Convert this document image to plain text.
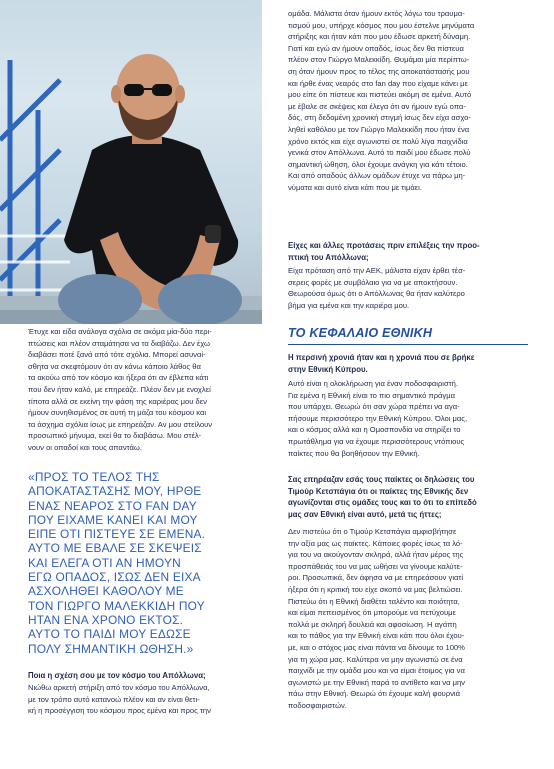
Έτυχε και είδα ανάλογα σχόλια σε ακόμα μία-δύο περι-

πτώσεις και πλέον σταμάτησα να τα διαβάζω. Δεν έχω

διαβάσει ποτέ ξανά από τότε σχόλια. Μπορεί ασυναί-

σθητα να σκεφτόμουν ότι αν κάνω κάποιο λάθος θα

τα ακούω από τον κόσμο και ήξερα ότι αν έβλεπα κάτι

που δεν ήταν καλό, με επηρεάζε. Πλέον δεν με ενοχλεί

τίποτα αλλά σε εκείνη την φάση της καριέρας μου δεν

ήμουν συνηθισμένος σε αυτή τη μάζα του κόσμου και

τα άσχημα σχόλια ίσως με επηρεάζαν. Αν μου στείλουν

προσωπικό μήνυμα, εκεί θα το διαβάσω. Μου στέλ-

νουν οι οπαδοί και τους απαντάω.

«ΠΡΟΣ ΤΟ ΤΕΛΟΣ ΤΗΣ

ΑΠΟΚΑΤΑΣΤΑΣΗΣ ΜΟΥ, ΗΡΘΕ

ΕΝΑΣ ΝΕΑΡΟΣ ΣΤΟ FAN DAY

ΠΟΥ ΕΙΧΑΜΕ ΚΑΝΕΙ ΚΑΙ ΜΟΥ

ΕΙΠΕ ΟΤΙ ΠΙΣΤΕΥΕ ΣΕ ΕΜΕΝΑ.

ΑΥΤΟ ΜΕ ΕΒΑΛΕ ΣΕ ΣΚΕΨΕΙΣ

ΚΑΙ ΕΛΕΓΑ ΟΤΙ ΑΝ ΗΜΟΥΝ

ΕΓΩ ΟΠΑΔΟΣ, ΙΣΩΣ ΔΕΝ ΕΙΧΑ

ΑΣΧΟΛΗΘΕΙ ΚΑΘΟΛΟΥ ΜΕ

ΤΟΝ ΓΙΩΡΓΟ ΜΑΛΕΚΚΙΔΗ ΠΟΥ

ΗΤΑΝ ΕΝΑ ΧΡΟΝΟ ΕΚΤΟΣ.

ΑΥΤΟ ΤΟ ΠΑΙΔΙ ΜΟΥ ΕΔΩΣΕ

ΠΟΛΥ ΣΗΜΑΝΤΙΚΗ ΩΘΗΣΗ.»

Ποια η σχέση σου με τον κόσμο του Απόλλωνα;

Νιώθω αρκετή στήριξη από τον κόσμο του Απόλλωνα,

με τον τρόπο αυτό κατανοώ πλέον και αν είναι θετι-

κή η προσέγγιση του κόσμου προς εμένα και προς την

ομάδα. Μάλιστα όταν ήμουν εκτός λόγω του τραυμα-

τισμού μου, υπήρχε κόσμος που μου έστελνε μηνύματα

στήριξης και ήταν κάτι που μου έδωσε αρκετή δύναμη.

Γιατί και εγώ αν ήμουν οπαδός, ίσως δεν θα πίστευα

πλέον στον Γιώργο Μαλεκκίδη. Θυμάμαι μία περίπτω-

ση όταν ήμουν προς το τέλος της αποκατάστασής μου

και ήρθε ένας νεαρός στο fan day που είχαμε κάνει με

μου είπε ότι πίστευε και πιστεύει ακόμη σε εμένα. Αυτό

με έβαλε σε σκέψεις και έλεγα ότι αν ήμουν εγώ οπα-

δός, στη δεδομένη χρονική στιγμή ίσως δεν είχα ασχο-

ληθεί καθόλου με τον Γιώργο Μαλεκκίδη που ήταν ένα

χρόνο εκτός και είχε αγωνιστεί σε πολύ λίγα παιχνίδια

γενικά στον Απόλλωνα. Αυτό το παιδί μου έδωσε πολύ

σημαντική ώθηση, όλοι έχουμε ανάγκη για κάτι τέτοιο.

Και από οπαδούς άλλων ομάδων έτυχε να πάρω μη-

νύματα και αυτό είναι κάτι που με τιμάει.

Είχες και άλλες προτάσεις πριν επιλέξεις την προο-

πτική του Απόλλωνα;

Είχα πρόταση από την ΑΕΚ, μάλιστα είχαν έρθει τέσ-

σερεις φορές με συμβόλαιο για να με αποκτήσουν.

Θεωρούσα όμως ότι ο Απόλλωνας θα ήταν καλύτερο

βήμα για εμένα και την καριέρα μου.

ΤΟ ΚΕΦΑΛΑΙΟ ΕΘΝΙΚΗ

Η περσινή χρονιά ήταν και η χρονιά που σε βρήκε

στην Εθνική Κύπρου.

Αυτό είναι η ολοκλήρωση για έναν ποδοσφαιριστή.

Για εμένα η Εθνική είναι το πιο σημαντικό πράγμα

που υπάρχει. Θεωρώ ότι σαν χώρα πρέπει να αγα-

πήσουμε περισσότερο την Εθνική Κύπρου. Όλοι μας,

και ο κόσμος αλλά και η Ομοσπονδία να στηρίξει το

πρωτάθλημα για να έχουμε περισσότερους ντόπιους

παίκτες που θα βοηθήσουν την Εθνική.

Σας επηρέαζαν εσάς τους παίκτες οι δηλώσεις του

Τιμούρ Κετσπάγια ότι οι παίκτες της Εθνικής δεν

αγωνίζονται στις ομάδες τους και το ότι το επίπεδό

μας σαν Εθνική είναι αυτό, μετά τις ήττες;

Δεν πιστεύω ότι ο Τιμούρ Κετσπάγια αμφισβήτησε

την αξία μας ως παίκτες. Κάποιες φορές ίσως τα λό-

για του να ακούγονταν σκληρά, αλλά ήταν μέρος της

προσπάθειάς του να μας ωθήσει να γίνουμε καλύτε-

ροι. Προσωπικά, δεν άφησα να με επηρεάσουν γιατί

ήξερα ότι η κριτική του είχε σκοπό να μας βελτιώσει.

Πιστεύω ότι η Εθνική διαθέτει ταλέντο και ποιότητα,

και είμαι πεπεισμένος ότι μπορούμε να πετύχουμε

πολλά με σκληρή δουλειά και αφοσίωση. Η αγάπη

και το πάθος για την Εθνική είναι κάτι που όλοι έχου-

με, και ο στόχος μας είναι πάντα να δίνουμε το 100%

για τη χώρα μας. Καλύτερα να μην αγωνιστώ σε ένα

παιχνίδι με την ομάδα μου και να είμαι έτοιμος για να

αγωνιστώ με την Εθνική παρά το αντίθετο και να μην

πάω στην Εθνική. Θεωρώ ότι έχουμε καλή φουρνιά

ποδοσφαιριστών.
